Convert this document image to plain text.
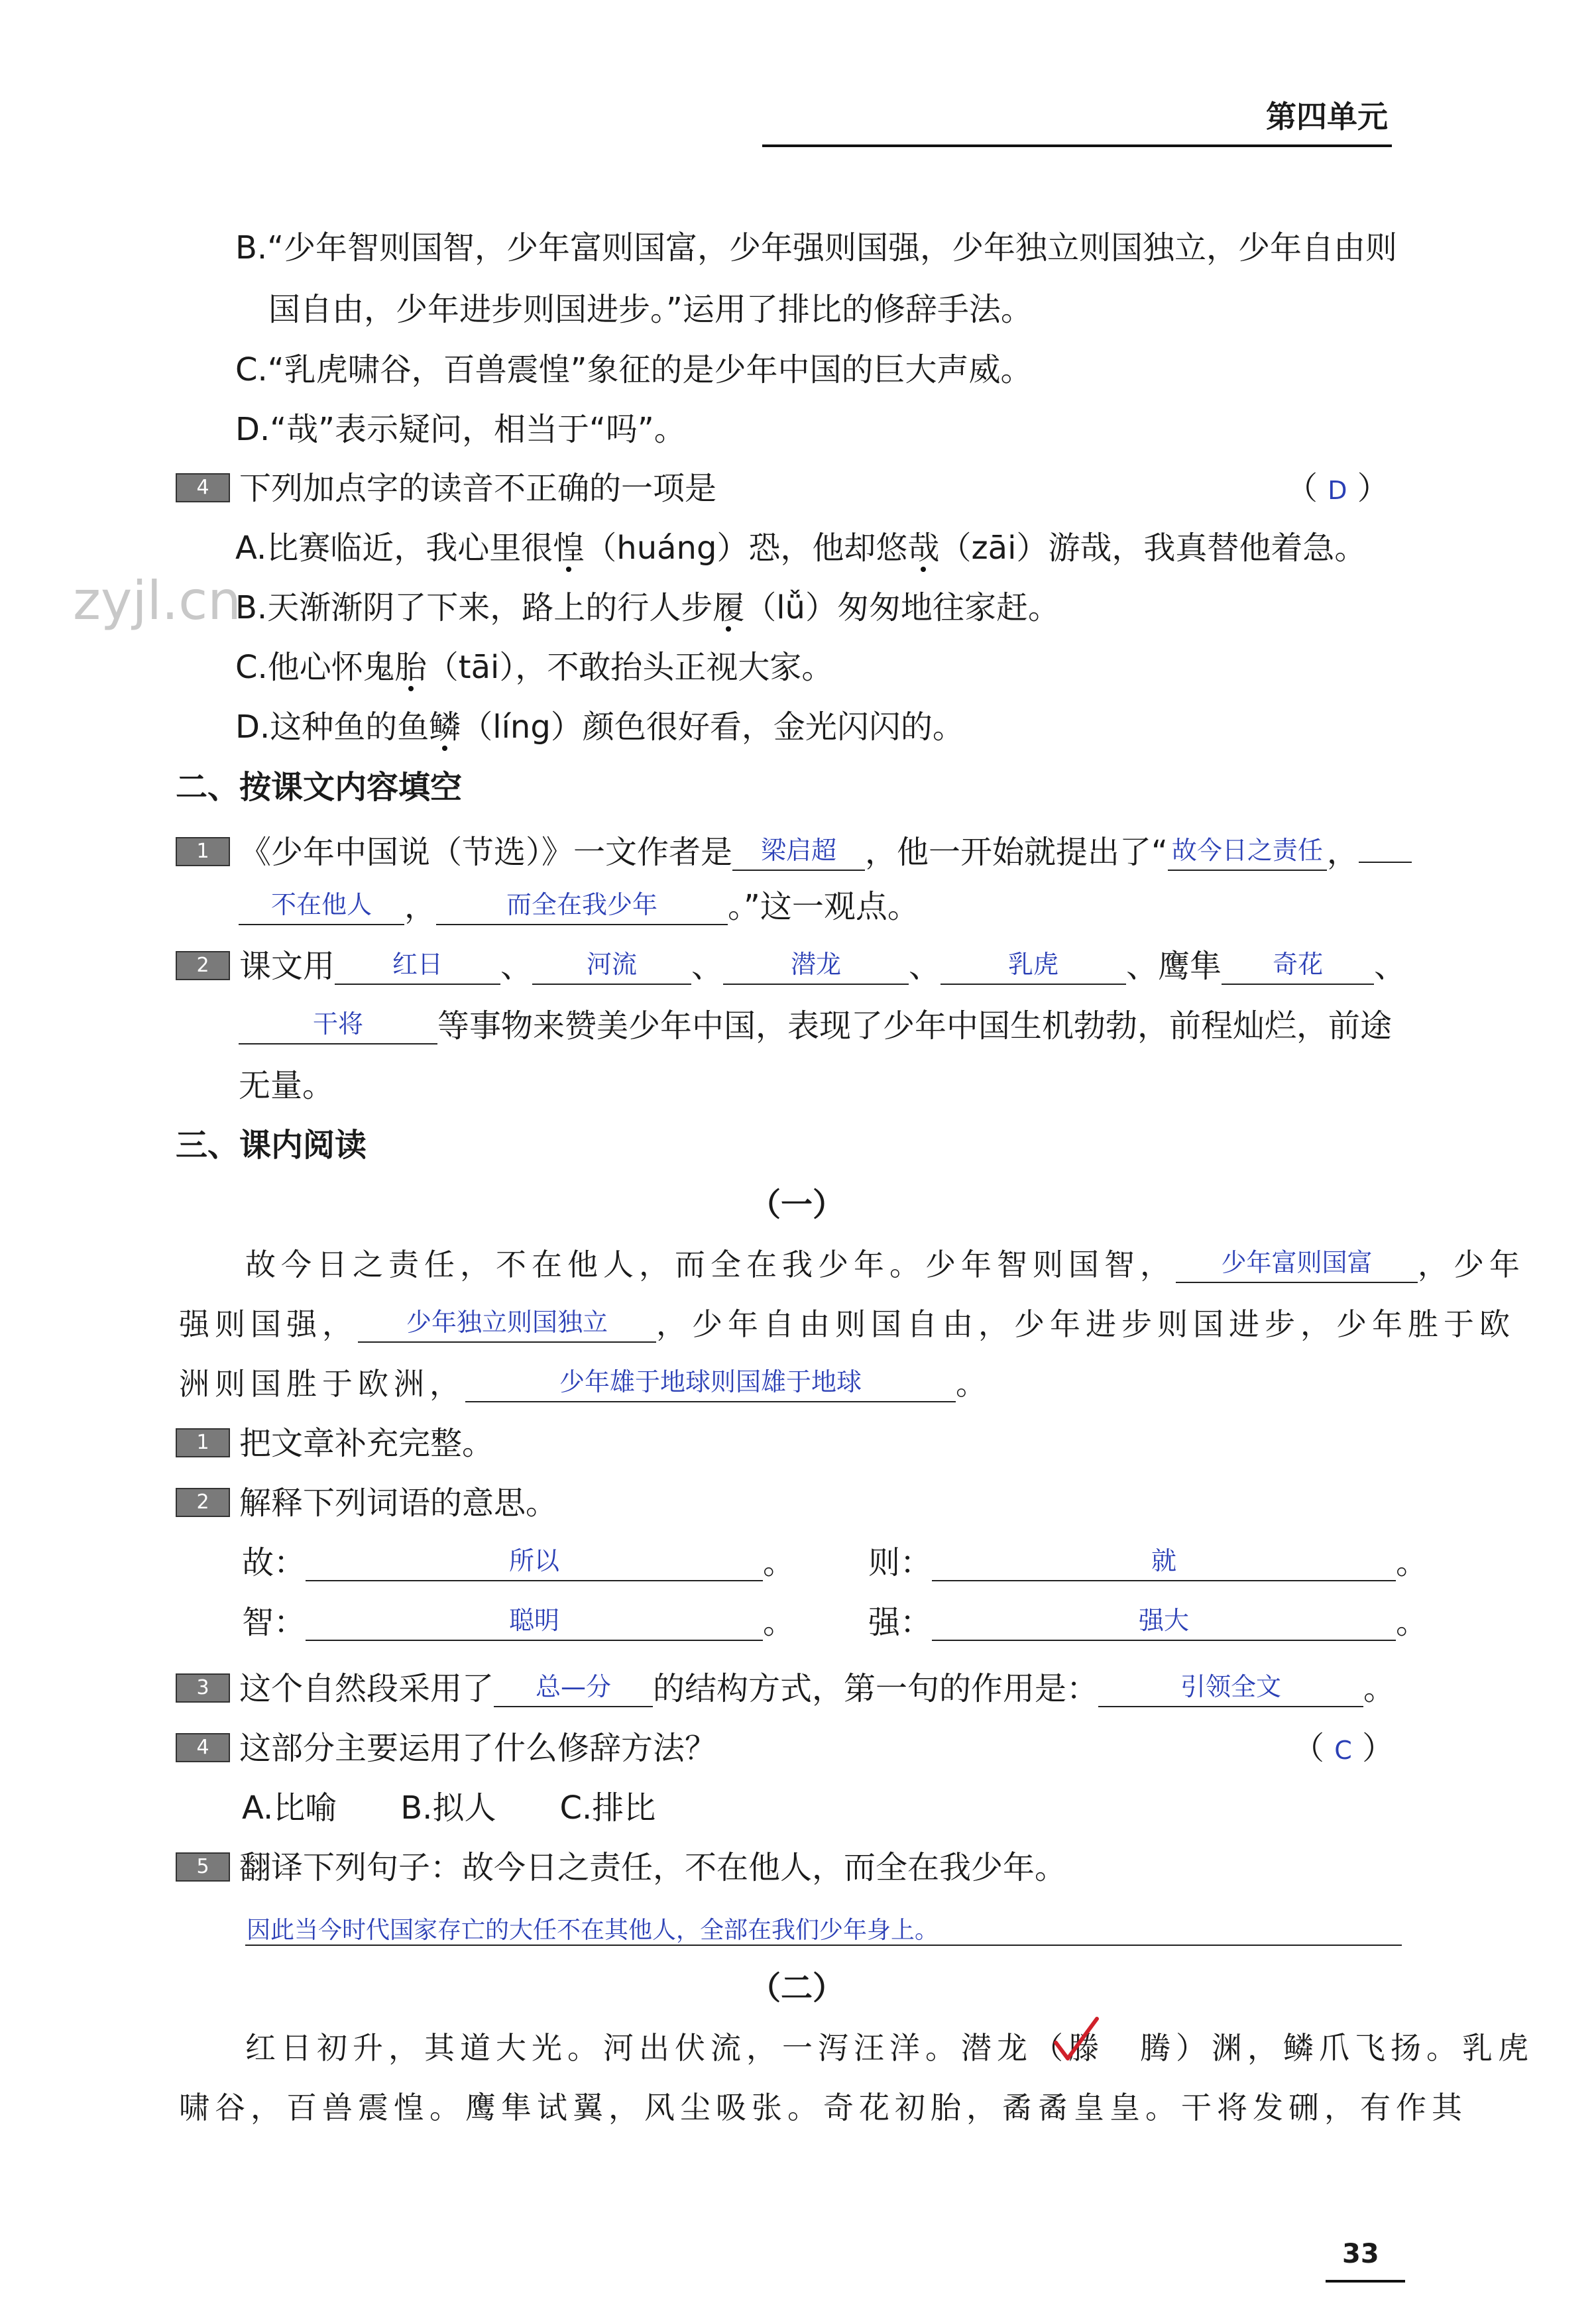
第四单元
zyjl.cn
B.“少年智则国智，少年富则国富，少年强则国强，少年独立则国独立，少年自由则
国自由，少年进步则国进步。”运用了排比的修辞手法。
C.“乳虎啸谷，百兽震惶”象征的是少年中国的巨大声威。
D.“哉”表示疑问，相当于“吗”。
4 下列加点字的读音不正确的一项是	（ D ）
A.比赛临近，我心里很惶（huáng）恐，他却悠哉（zāi）游哉，我真替他着急。
B.天渐渐阴了下来，路上的行人步履（lǚ）匆匆地往家赶。
C.他心怀鬼胎（tāi），不敢抬头正视大家。
D.这种鱼的鱼鳞（líng）颜色很好看，金光闪闪的。
二、按课文内容填空
1 《少年中国说（节选）》一文作者是 梁启超 ，他一开始就提出了“ 故今日之责任 ，
不在他人 ，	而全在我少年 。”这一观点。
2 课文用 红日 、 河流 、	潜龙 、	乳虎 、鹰隼 奇花 、
干将 等事物来赞美少年中国，表现了少年中国生机勃勃，前程灿烂，前途
无量。
三、课内阅读
（一）
故今日之责任，不在他人，而全在我少年。少年智则国智， 少年富则国富 ，少年
强则国强， 少年独立则国独立 ，少年自由则国自由，少年进步则国进步，少年胜于欧
洲则国胜于欧洲，	少年雄于地球则国雄于地球	。
1 把文章补充完整。
2 解释下列词语的意思。
故：	所以	。 则：	就	。
智：	聪明	。 强：	强大	。
3 这个自然段采用了 总—分 的结构方式，第一句的作用是：	引领全文	。
4 这部分主要运用了什么修辞方法？	（ C ）
A.比喻　　B.拟人　　C.排比
5 翻译下列句子：故今日之责任，不在他人，而全在我少年。
因此当今时代国家存亡的大任不在其他人，全部在我们少年身上。
（二）
红日初升，其道大光。河出伏流，一泻汪洋。潜龙（滕　腾）渊，鳞爪飞扬。乳虎
啸谷，百兽震惶。鹰隼试翼，风尘吸张。奇花初胎，矞矞皇皇。干将发硎，有作其
33
